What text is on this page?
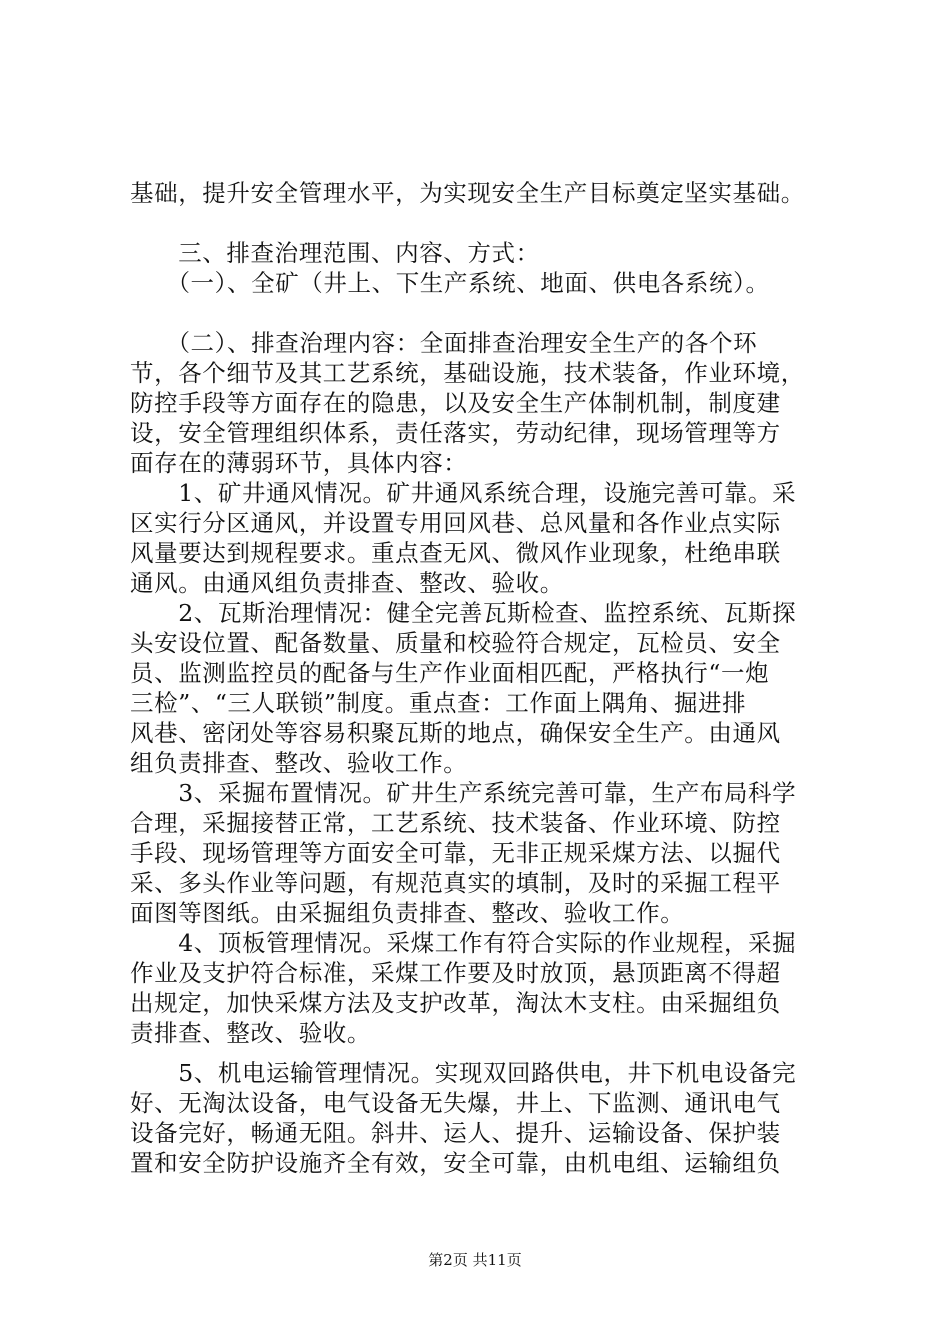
基础，提升安全管理水平，为实现安全生产目标奠定坚实基础。
　　三、排查治理范围、内容、方式：
　　（一）、全矿（井上、下生产系统、地面、供电各系统）。
　　（二）、排查治理内容：全面排查治理安全生产的各个环
节，各个细节及其工艺系统，基础设施，技术装备，作业环境，
防控手段等方面存在的隐患，以及安全生产体制机制，制度建
设，安全管理组织体系，责任落实，劳动纪律，现场管理等方
面存在的薄弱环节，具体内容：
　　1、矿井通风情况。矿井通风系统合理，设施完善可靠。采
区实行分区通风，并设置专用回风巷、总风量和各作业点实际
风量要达到规程要求。重点查无风、微风作业现象，杜绝串联
通风。由通风组负责排查、整改、验收。
　　2、瓦斯治理情况：健全完善瓦斯检查、监控系统、瓦斯探
头安设位置、配备数量、质量和校验符合规定，瓦检员、安全
员、监测监控员的配备与生产作业面相匹配，严格执行“一炮
三检”、“三人联锁”制度。重点查：工作面上隅角、掘进排
风巷、密闭处等容易积聚瓦斯的地点，确保安全生产。由通风
组负责排查、整改、验收工作。
　　3、采掘布置情况。矿井生产系统完善可靠，生产布局科学
合理，采掘接替正常，工艺系统、技术装备、作业环境、防控
手段、现场管理等方面安全可靠，无非正规采煤方法、以掘代
采、多头作业等问题，有规范真实的填制，及时的采掘工程平
面图等图纸。由采掘组负责排查、整改、验收工作。
　　4、顶板管理情况。采煤工作有符合实际的作业规程，采掘
作业及支护符合标准，采煤工作要及时放顶，悬顶距离不得超
出规定，加快采煤方法及支护改革，淘汰木支柱。由采掘组负
责排查、整改、验收。
　　5、机电运输管理情况。实现双回路供电，井下机电设备完
好、无淘汰设备，电气设备无失爆，井上、下监测、通讯电气
设备完好，畅通无阻。斜井、运人、提升、运输设备、保护装
置和安全防护设施齐全有效，安全可靠，由机电组、运输组负
第2页 共11页
